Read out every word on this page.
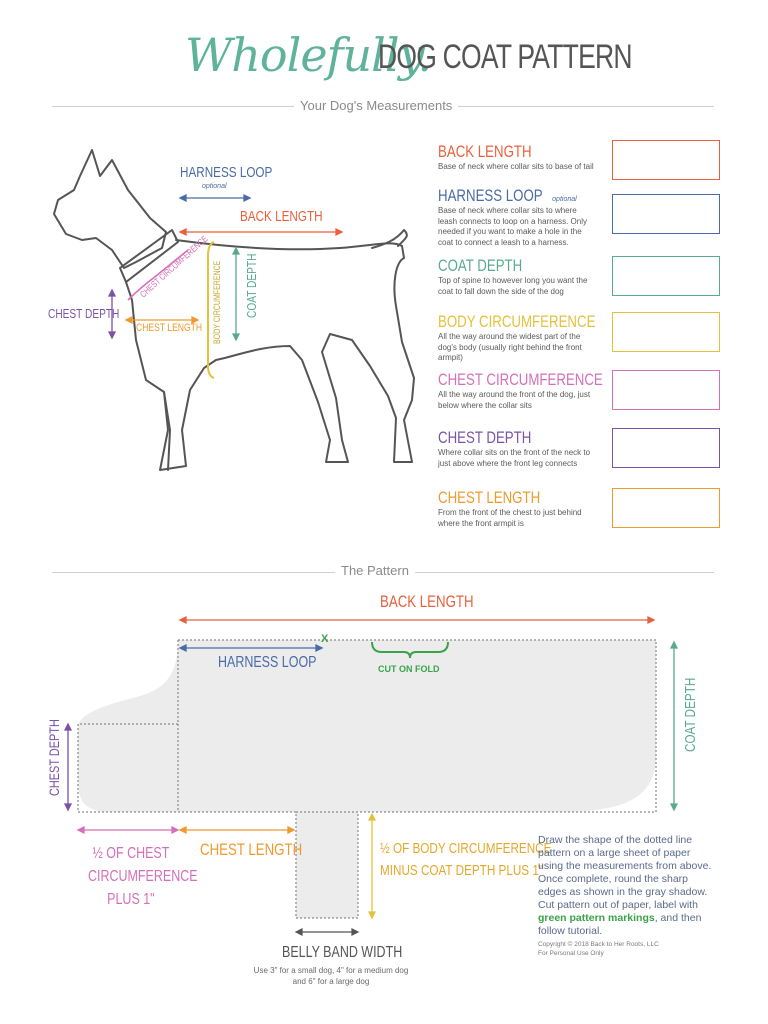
Wholefully.
DOG COAT PATTERN
Your Dog's Measurements
HARNESS LOOP
optional
BACK LENGTH
CHEST CIRCUMFERENCE BODY CIRCUMFERENCE COAT DEPTH
CHEST DEPTH
CHEST LENGTH
BACK LENGTH
Base of neck where collar sits to base of tail
HARNESS LOOP optional
Base of neck where collar sits to where leash connects to loop on a harness. Only needed if you want to make a hole in the coat to connect a leash to a harness.
COAT DEPTH
Top of spine to however long you want the coat to fall down the side of the dog
BODY CIRCUMFERENCE
All the way around the widest part of the dog's body (usually right behind the front armpit)
CHEST CIRCUMFERENCE
All the way around the front of the dog, just below where the collar sits
CHEST DEPTH
Where collar sits on the front of the neck to just above where the front leg connects
CHEST LENGTH
From the front of the chest to just behind where the front armpit is
The Pattern
BACK LENGTH
HARNESS LOOP
X
CUT ON FOLD
COAT DEPTH
CHEST DEPTH
½ OF CHEST
CIRCUMFERENCE
PLUS 1"
CHEST LENGTH	½ OF BODY CIRCUMFERENCE
MINUS COAT DEPTH PLUS 1"
BELLY BAND WIDTH
Use 3" for a small dog, 4" for a medium dog
and 6" for a large dog
Draw the shape of the dotted line pattern on a large sheet of paper using the measurements from above. Once complete, round the sharp edges as shown in the gray shadow. Cut pattern out of paper, label with green pattern markings, and then follow tutorial.
Copyright © 2018 Back to Her Roots, LLC
For Personal Use Only
